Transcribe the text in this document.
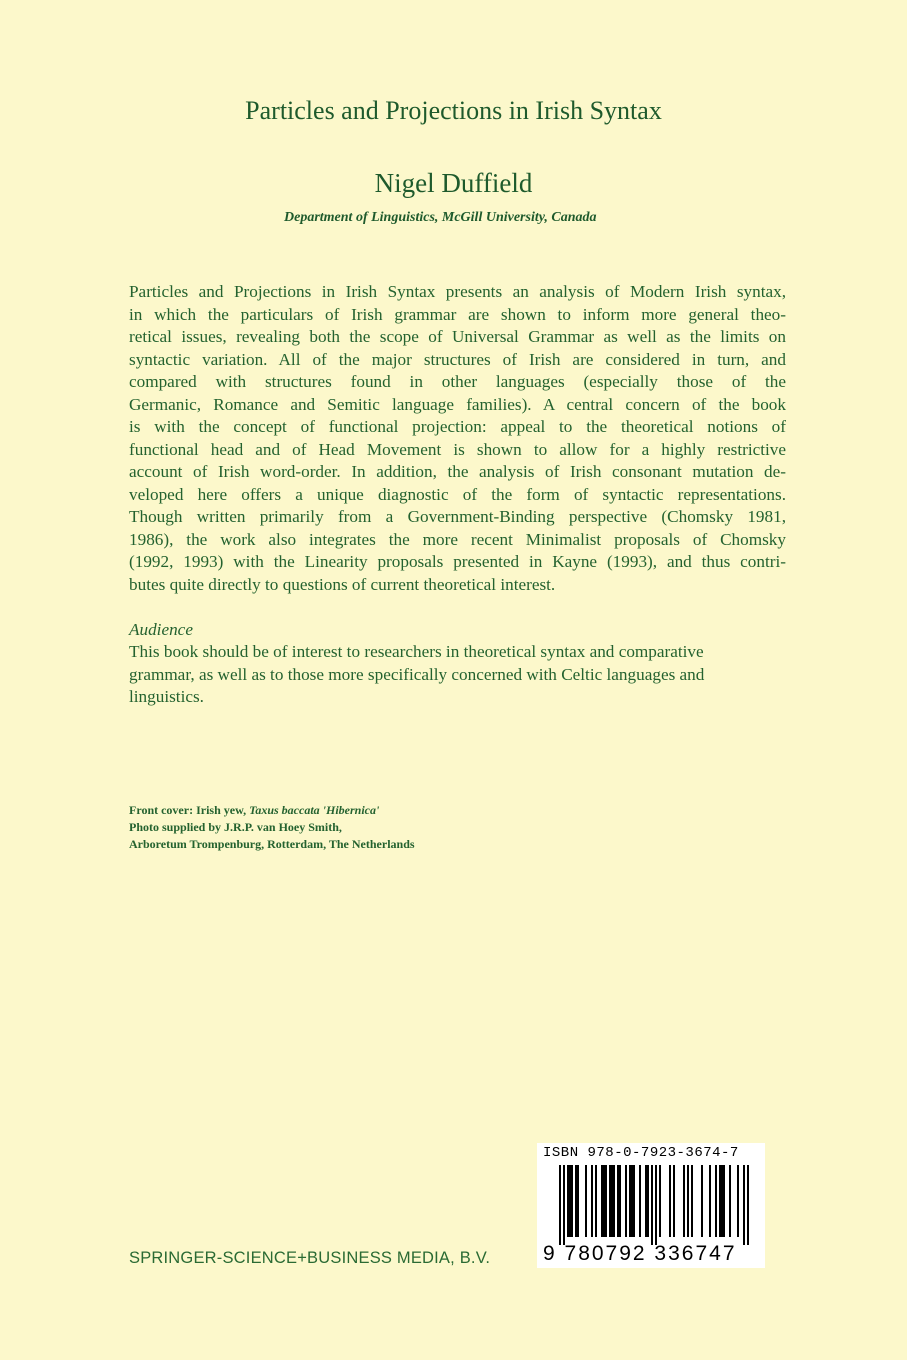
Particles and Projections in Irish Syntax
Nigel Duffield
Department of Linguistics, McGill University, Canada
Particles and Projections in Irish Syntax presents an analysis of Modern Irish syntax,
in which the particulars of Irish grammar are shown to inform more general theo-
retical issues, revealing both the scope of Universal Grammar as well as the limits on
syntactic variation. All of the major structures of Irish are considered in turn, and
compared with structures found in other languages (especially those of the
Germanic, Romance and Semitic language families). A central concern of the book
is with the concept of functional projection: appeal to the theoretical notions of
functional head and of Head Movement is shown to allow for a highly restrictive
account of Irish word-order. In addition, the analysis of Irish consonant mutation de-
veloped here offers a unique diagnostic of the form of syntactic representations.
Though written primarily from a Government-Binding perspective (Chomsky 1981,
1986), the work also integrates the more recent Minimalist proposals of Chomsky
(1992, 1993) with the Linearity proposals presented in Kayne (1993), and thus contri-
butes quite directly to questions of current theoretical interest.
Audience
This book should be of interest to researchers in theoretical syntax and comparative
grammar, as well as to those more specifically concerned with Celtic languages and
linguistics.
Front cover: Irish yew, Taxus baccata 'Hibernica'
Photo supplied by J.R.P. van Hoey Smith,
Arboretum Trompenburg, Rotterdam, The Netherlands
SPRINGER-SCIENCE+BUSINESS MEDIA, B.V.
ISBN 978-0-7923-3674-7
9 780792 336747
